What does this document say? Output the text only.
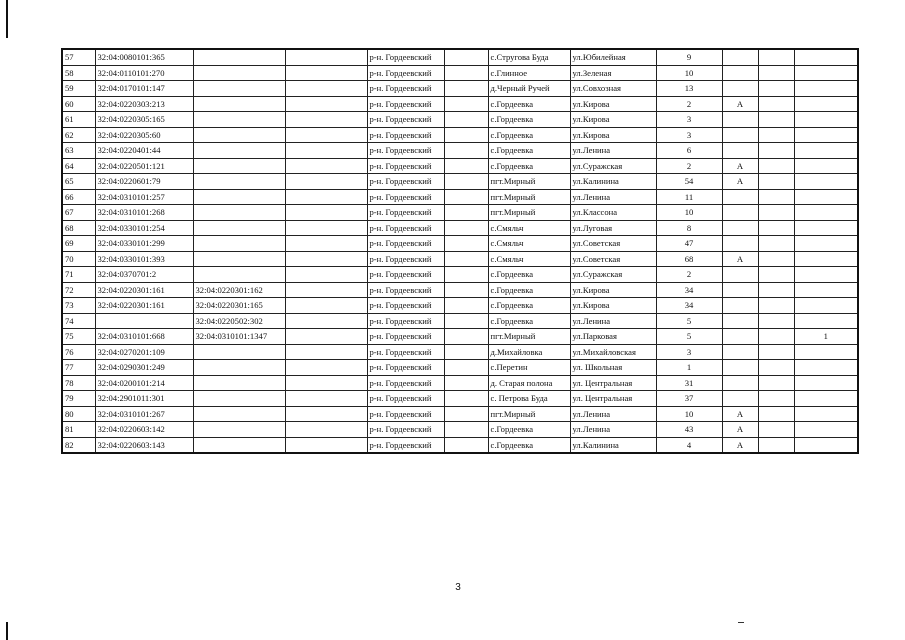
57	32:04:0080101:365			р-н. Гордеевский		с.Стругова Буда	ул.Юбилейная	9			
58	32:04:0110101:270			р-н. Гордеевский		с.Глинное	ул.Зеленая	10			
59	32:04:0170101:147			р-н. Гордеевский		д.Черный Ручей	ул.Совхозная	13			
60	32:04:0220303:213			р-н. Гордеевский		с.Гордеевка	ул.Кирова	2	А		
61	32:04:0220305:165			р-н. Гордеевский		с.Гордеевка	ул.Кирова	3			
62	32:04:0220305:60			р-н. Гордеевский		с.Гордеевка	ул.Кирова	3			
63	32:04:0220401:44			р-н. Гордеевский		с.Гордеевка	ул.Ленина	6			
64	32:04:0220501:121			р-н. Гордеевский		с.Гордеевка	ул.Суражская	2	А		
65	32:04:0220601:79			р-н. Гордеевский		пгт.Мирный	ул.Калинина	54	А		
66	32:04:0310101:257			р-н. Гордеевский		пгт.Мирный	ул.Ленина	11			
67	32:04:0310101:268			р-н. Гордеевский		пгт.Мирный	ул.Классона	10			
68	32:04:0330101:254			р-н. Гордеевский		с.Смяльч	ул.Луговая	8			
69	32:04:0330101:299			р-н. Гордеевский		с.Смяльч	ул.Советская	47			
70	32:04:0330101:393			р-н. Гордеевский		с.Смяльч	ул.Советская	68	А		
71	32:04:0370701:2			р-н. Гордеевский		с.Гордеевка	ул.Суражская	2			
72	32:04:0220301:161	32:04:0220301:162		р-н. Гордеевский		с.Гордеевка	ул.Кирова	34			
73	32:04:0220301:161	32:04:0220301:165		р-н. Гордеевский		с.Гордеевка	ул.Кирова	34			
74		32:04:0220502:302		р-н. Гордеевский		с.Гордеевка	ул.Ленина	5			
75	32:04:0310101:668	32:04:0310101:1347		р-н. Гордеевский		пгт.Мирный	ул.Парковая	5			1
76	32:04:0270201:109			р-н. Гордеевский		д.Михайловка	ул.Михайловская	3			
77	32:04:0290301:249			р-н. Гордеевский		с.Перетин	ул. Школьная	1			
78	32:04:0200101:214			р-н. Гордеевский		д. Старая полона	ул. Центральная	31			
79	32:04:2901011:301			р-н. Гордеевский		с. Петрова Буда	ул. Центральная	37			
80	32:04:0310101:267			р-н. Гордеевский		пгт.Мирный	ул.Ленина	10	А		
81	32:04:0220603:142			р-н. Гордеевский		с.Гордеевка	ул.Ленина	43	А		
82	32:04:0220603:143			р-н. Гордеевский		с.Гордеевка	ул.Калинина	4	А		
3
